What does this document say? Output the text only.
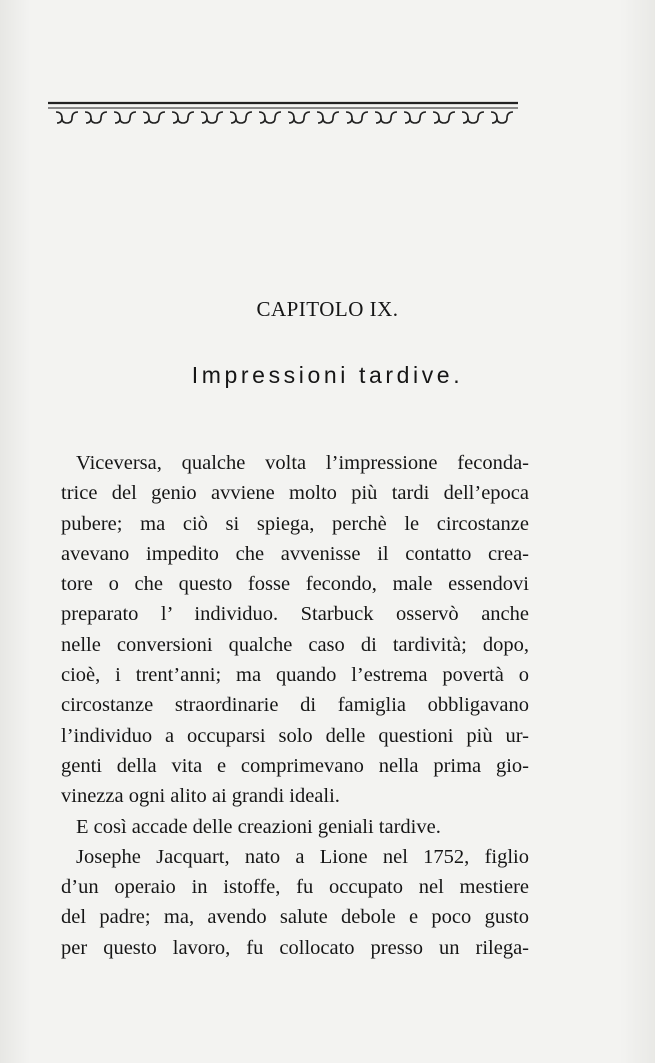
CAPITOLO IX.
Impressioni tardive.
Viceversa, qualche volta l’impressione feconda-
trice del genio avviene molto più tardi dell’epoca
pubere; ma ciò si spiega, perchè le circostanze
avevano impedito che avvenisse il contatto crea-
tore o che questo fosse fecondo, male essendovi
preparato l’ individuo. Starbuck osservò anche
nelle conversioni qualche caso di tardività; dopo,
cioè, i trent’anni; ma quando l’estrema povertà o
circostanze straordinarie di famiglia obbligavano
l’individuo a occuparsi solo delle questioni più ur-
genti della vita e comprimevano nella prima gio-
vinezza ogni alito ai grandi ideali.
E così accade delle creazioni geniali tardive.
Josephe Jacquart, nato a Lione nel 1752, figlio
d’un operaio in istoffe, fu occupato nel mestiere
del padre; ma, avendo salute debole e poco gusto
per questo lavoro, fu collocato presso un rilega-
